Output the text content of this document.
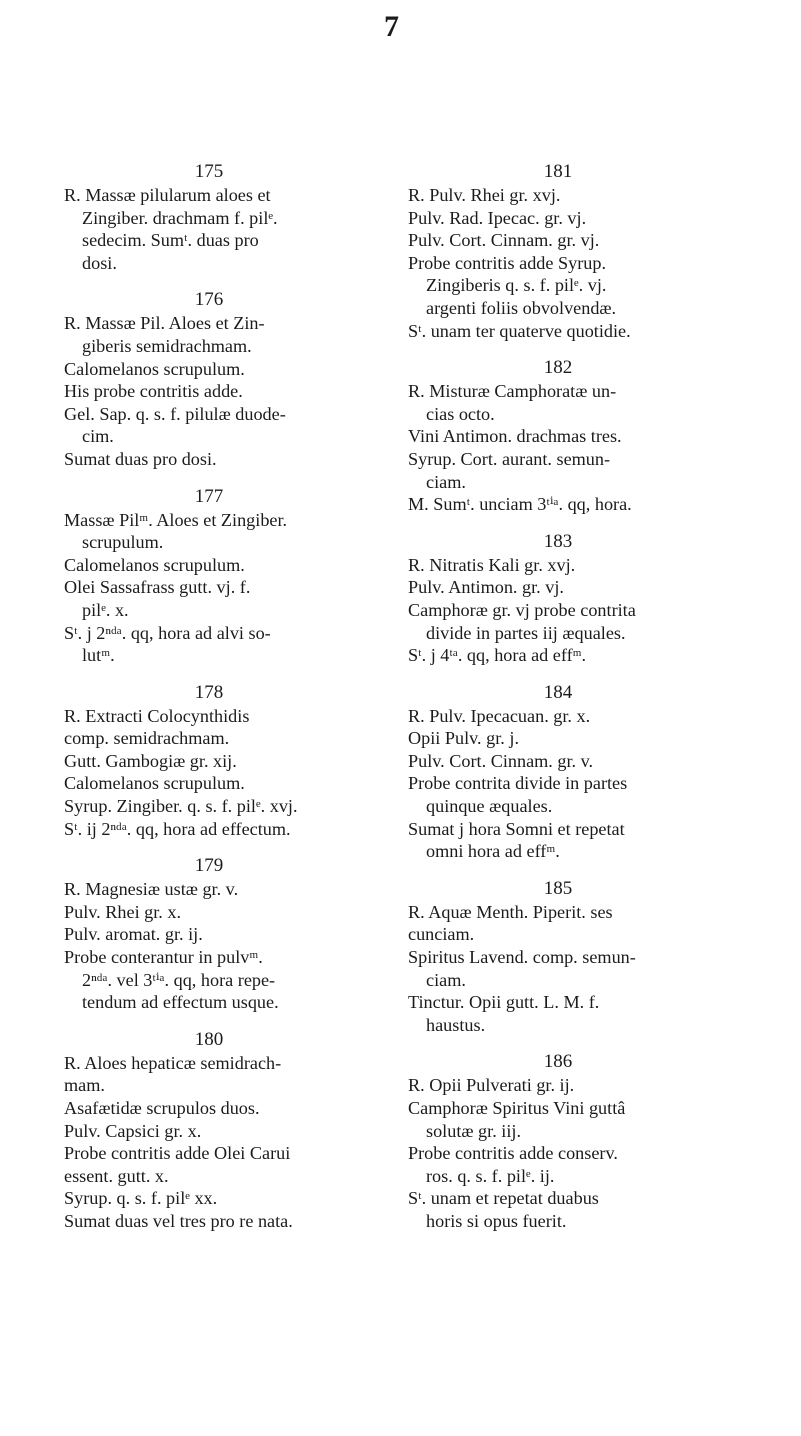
7
175
R. Massæ pilularum aloes et
Zingiber. drachmam f. pilᵉ.
sedecim. Sumᵗ. duas pro
dosi.
176
R. Massæ Pil. Aloes et Zin-
giberis semidrachmam.
Calomelanos scrupulum.
His probe contritis adde.
Gel. Sap. q. s. f. pilulæ duode-
cim.
Sumat duas pro dosi.
177
Massæ Pilᵐ. Aloes et Zingiber.
scrupulum.
Calomelanos scrupulum.
Olei Sassafrass gutt. vj. f.
pilᵉ. x.
Sᵗ. j 2ⁿᵈᵃ. qq, hora ad alvi so-
lutᵐ.
178
R. Extracti Colocynthidis
comp. semidrachmam.
Gutt. Gambogiæ gr. xij.
Calomelanos scrupulum.
Syrup. Zingiber. q. s. f. pilᵉ. xvj.
Sᵗ. ij 2ⁿᵈᵃ. qq, hora ad effectum.
179
R. Magnesiæ ustæ gr. v.
Pulv. Rhei gr. x.
Pulv. aromat. gr. ij.
Probe conterantur in pulvᵐ.
2ⁿᵈᵃ. vel 3ᵗⁱᵃ. qq, hora repe-
tendum ad effectum usque.
180
R. Aloes hepaticæ semidrach-
mam.
Asafætidæ scrupulos duos.
Pulv. Capsici gr. x.
Probe contritis adde Olei Carui
essent. gutt. x.
Syrup. q. s. f. pilᵉ xx.
Sumat duas vel tres pro re nata.
181
R. Pulv. Rhei gr. xvj.
Pulv. Rad. Ipecac. gr. vj.
Pulv. Cort. Cinnam. gr. vj.
Probe contritis adde Syrup.
Zingiberis q. s. f. pilᵉ. vj.
argenti foliis obvolvendæ.
Sᵗ. unam ter quaterve quotidie.
182
R. Misturæ Camphoratæ un-
cias octo.
Vini Antimon. drachmas tres.
Syrup. Cort. aurant. semun-
ciam.
M. Sumᵗ. unciam 3ᵗⁱᵃ. qq, hora.
183
R. Nitratis Kali gr. xvj.
Pulv. Antimon. gr. vj.
Camphoræ gr. vj probe contrita
divide in partes iij æquales.
Sᵗ. j 4ᵗᵃ. qq, hora ad effᵐ.
184
R. Pulv. Ipecacuan. gr. x.
Opii Pulv. gr. j.
Pulv. Cort. Cinnam. gr. v.
Probe contrita divide in partes
quinque æquales.
Sumat j hora Somni et repetat
omni hora ad effᵐ.
185
R. Aquæ Menth. Piperit. ses
cunciam.
Spiritus Lavend. comp. semun-
ciam.
Tinctur. Opii gutt. L. M. f.
haustus.
186
R. Opii Pulverati gr. ij.
Camphoræ Spiritus Vini guttâ
solutæ gr. iij.
Probe contritis adde conserv.
ros. q. s. f. pilᵉ. ij.
Sᵗ. unam et repetat duabus
horis si opus fuerit.
